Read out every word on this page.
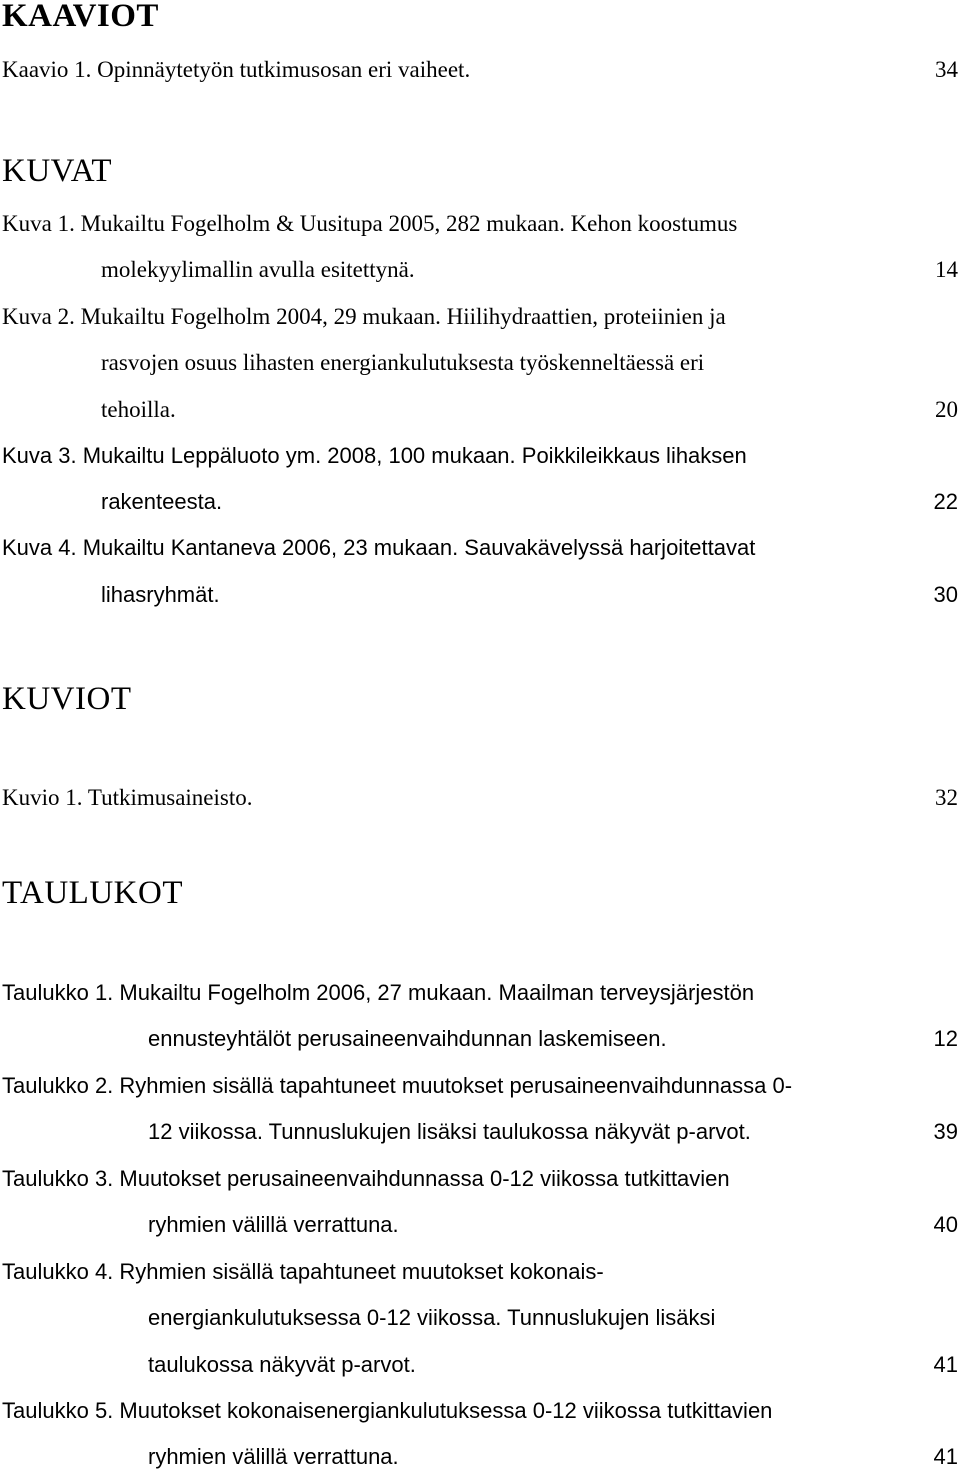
KAAVIOT
Kaavio 1. Opinnäytetyön tutkimusosan eri vaiheet.	34
KUVAT
Kuva 1. Mukailtu Fogelholm & Uusitupa 2005, 282 mukaan. Kehon koostumus
molekyylimallin avulla esitettynä.	14
Kuva 2. Mukailtu Fogelholm 2004, 29 mukaan. Hiilihydraattien, proteiinien ja
rasvojen osuus lihasten energiankulutuksesta työskenneltäessä eri
tehoilla.	20
Kuva 3. Mukailtu Leppäluoto ym. 2008, 100 mukaan. Poikkileikkaus lihaksen
rakenteesta.	22
Kuva 4. Mukailtu Kantaneva 2006, 23 mukaan. Sauvakävelyssä harjoitettavat
lihasryhmät.	30
KUVIOT
Kuvio 1. Tutkimusaineisto.	32
TAULUKOT
Taulukko 1. Mukailtu Fogelholm 2006, 27 mukaan. Maailman terveysjärjestön
ennusteyhtälöt perusaineenvaihdunnan laskemiseen.	12
Taulukko 2. Ryhmien sisällä tapahtuneet muutokset perusaineenvaihdunnassa 0-
12 viikossa. Tunnuslukujen lisäksi taulukossa näkyvät p-arvot.	39
Taulukko 3. Muutokset perusaineenvaihdunnassa 0-12 viikossa tutkittavien
ryhmien välillä verrattuna.	40
Taulukko 4. Ryhmien sisällä tapahtuneet muutokset kokonais-
energiankulutuksessa 0-12 viikossa. Tunnuslukujen lisäksi
taulukossa näkyvät p-arvot.	41
Taulukko 5. Muutokset kokonaisenergiankulutuksessa 0-12 viikossa tutkittavien
ryhmien välillä verrattuna.	41
